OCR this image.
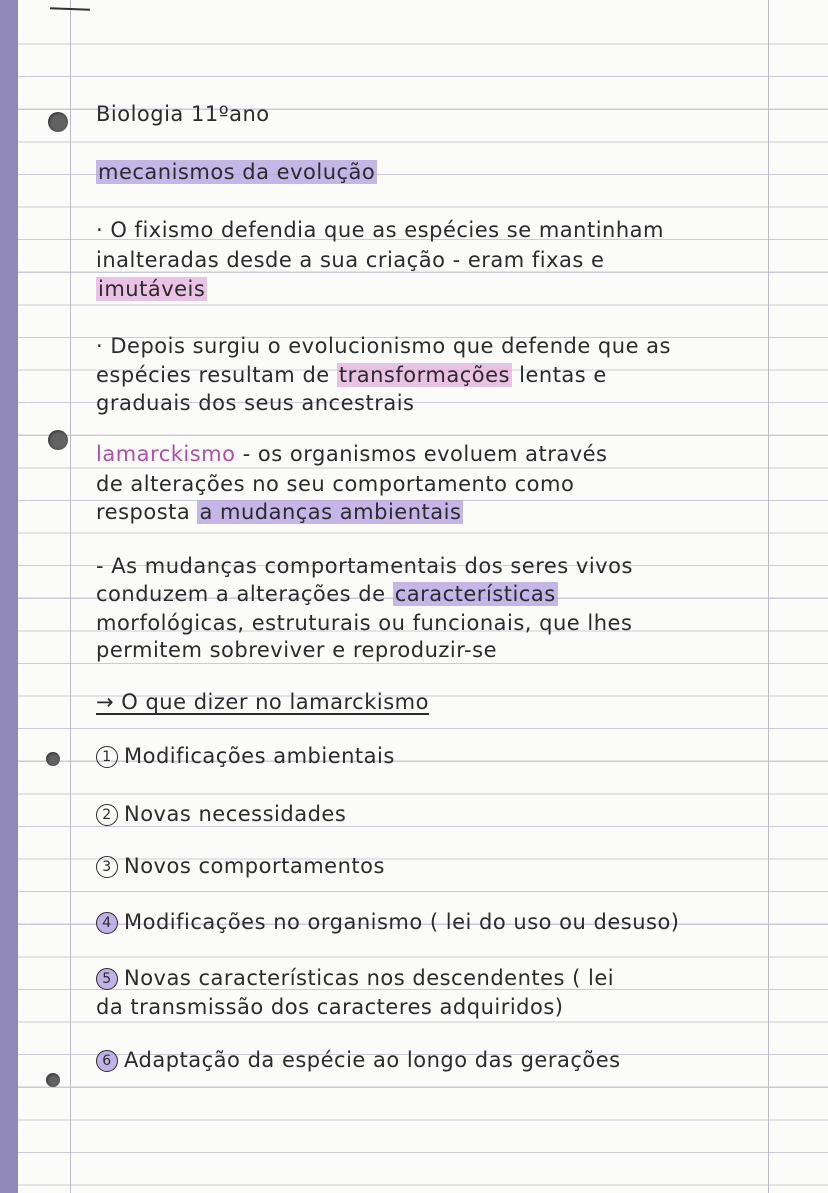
Biologia 11ºano
mecanismos da evolução
· O fixismo defendia que as espécies se mantinham
inalteradas desde a sua criação - eram fixas e
imutáveis
· Depois surgiu o evolucionismo que defende que as
espécies resultam de transformações lentas e
graduais dos seus ancestrais
lamarckismo - os organismos evoluem através
de alterações no seu comportamento como
resposta a mudanças ambientais
- As mudanças comportamentais dos seres vivos
conduzem a alterações de características
morfológicas, estruturais ou funcionais, que lhes
permitem sobreviver e reproduzir-se
→ O que dizer no lamarckismo
1 Modificações ambientais
2 Novas necessidades
3 Novos comportamentos
4 Modificações no organismo ( lei do uso ou desuso)
5 Novas características nos descendentes ( lei
da transmissão dos caracteres adquiridos)
6 Adaptação da espécie ao longo das gerações
